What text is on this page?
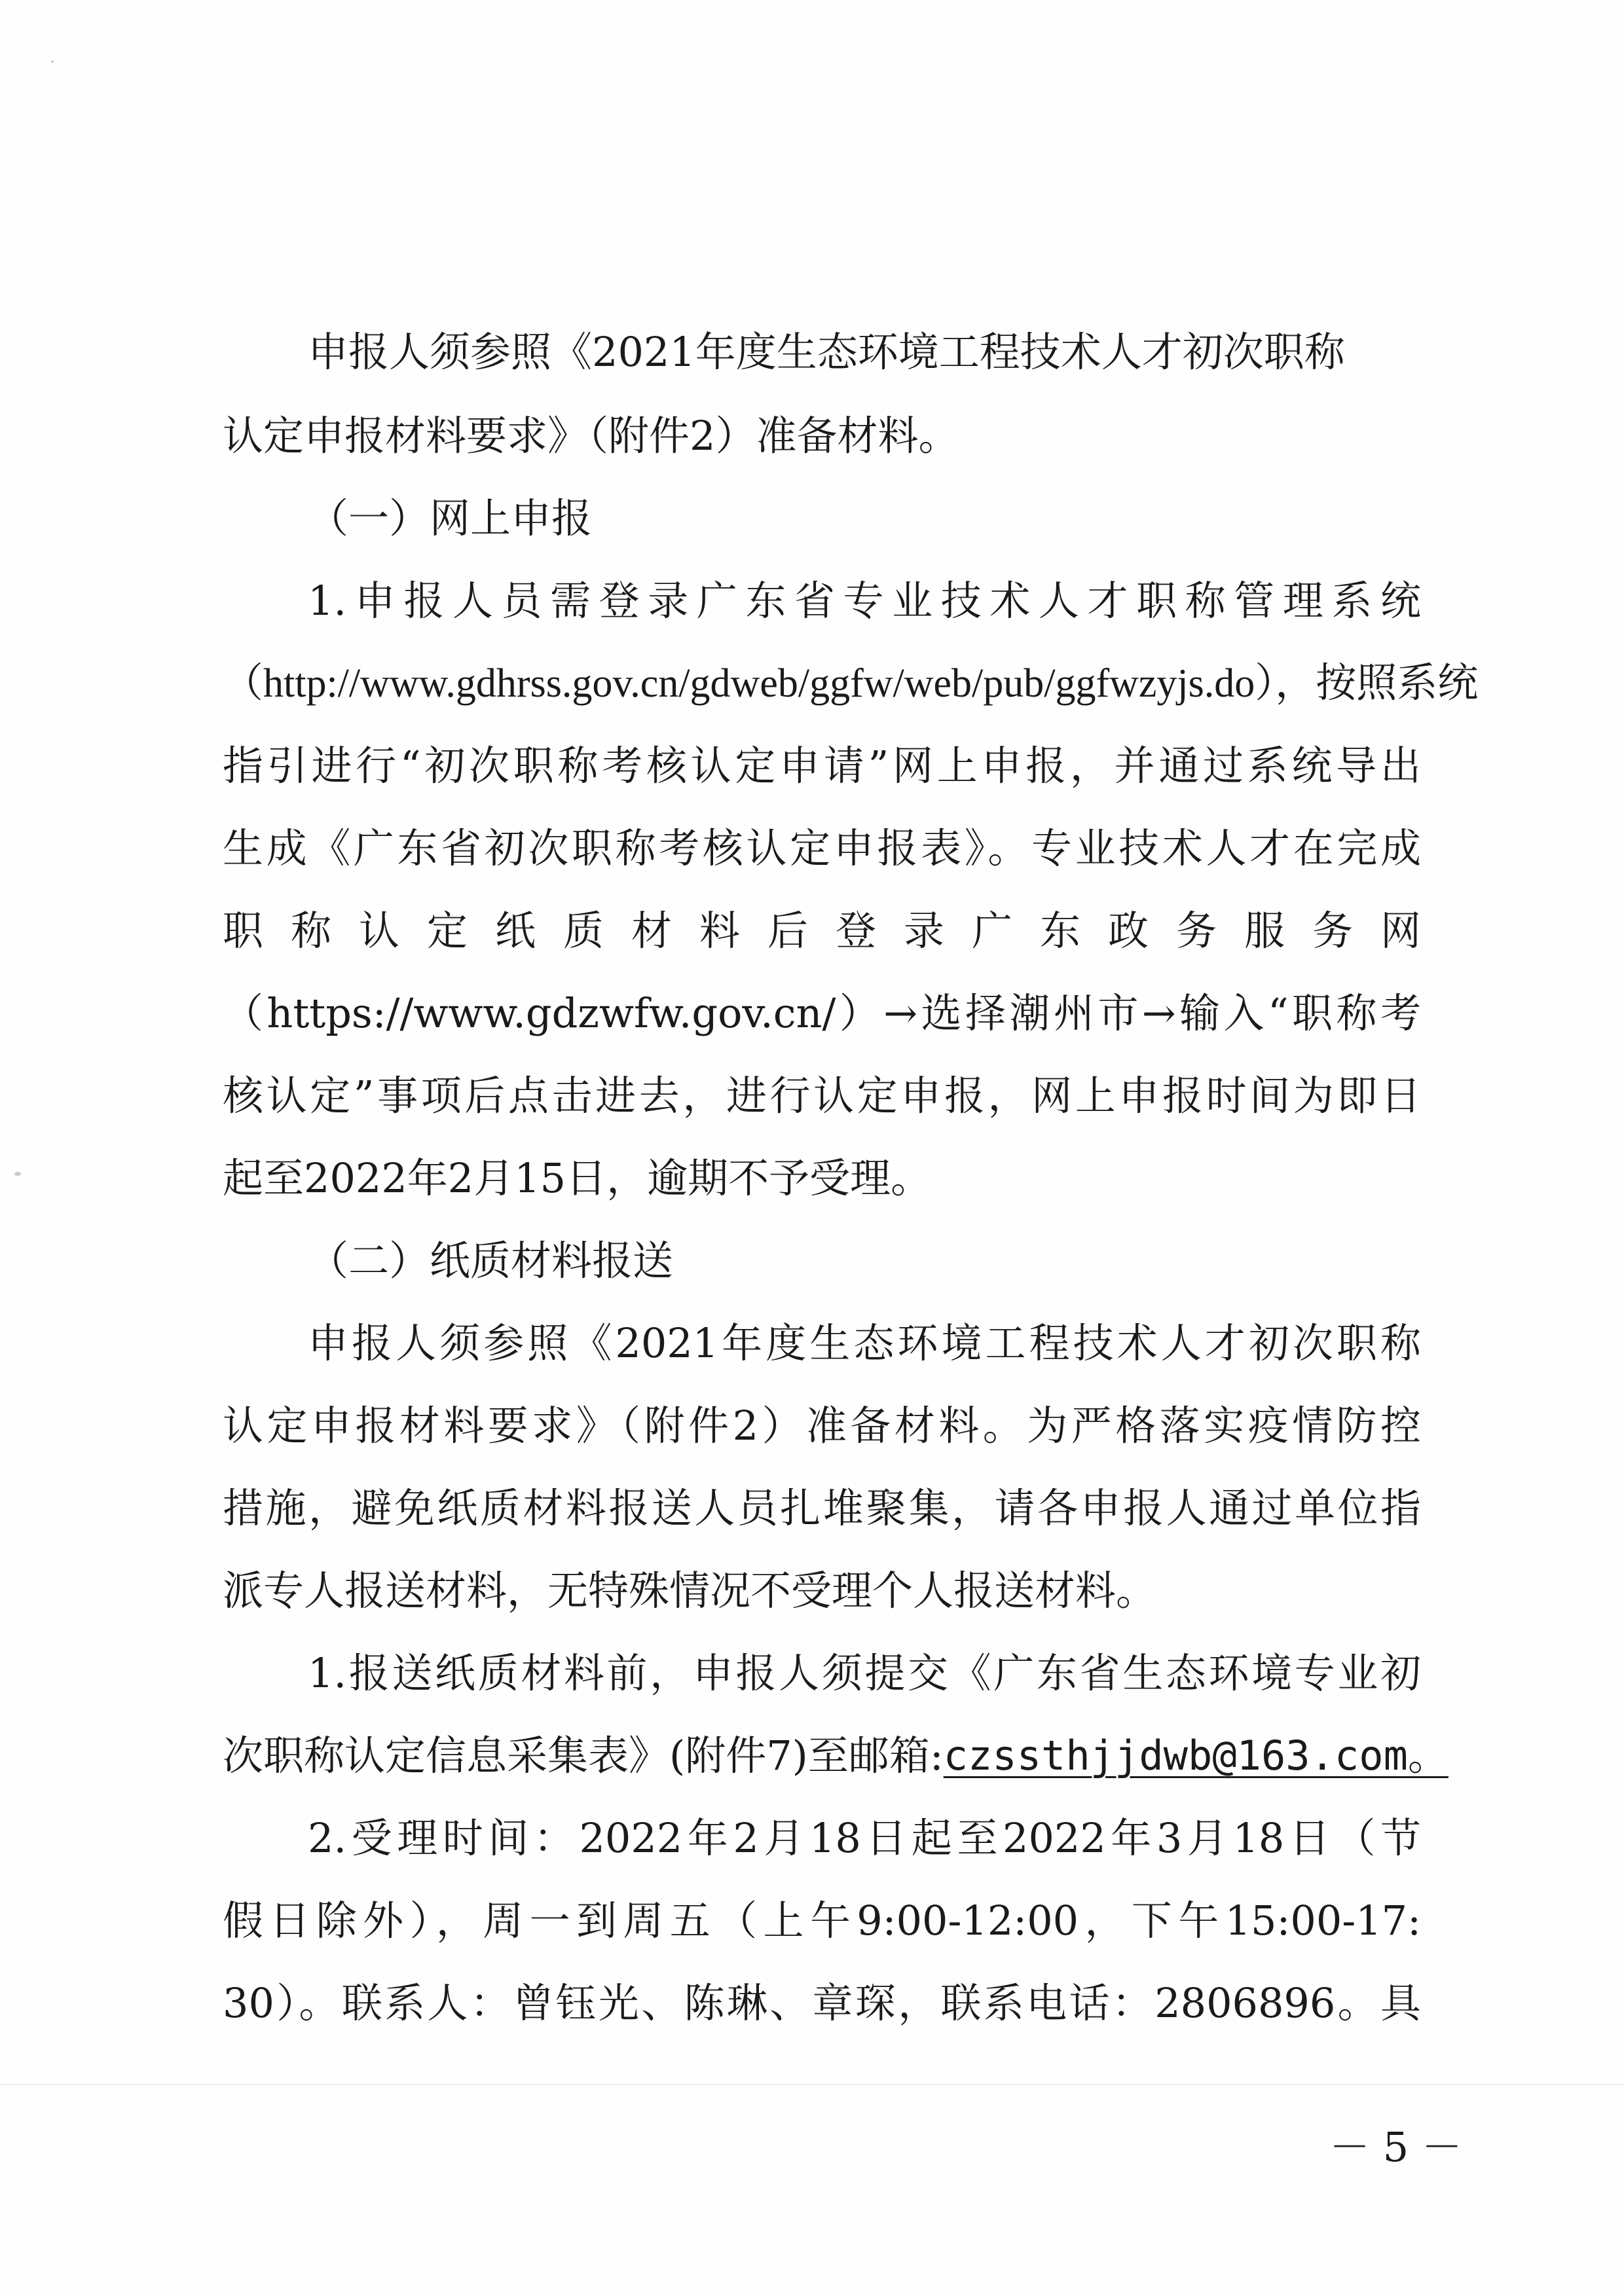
申报人须参照《2021年度生态环境工程技术人才初次职称
认定申报材料要求》（附件2）准备材料。
（一）网上申报
1.申报人员需登录广东省专业技术人才职称管理系统
（http://www.gdhrss.gov.cn/gdweb/ggfw/web/pub/ggfwzyjs.do），按照系统
指引进行“初次职称考核认定申请”网上申报，并通过系统导出
生成《广东省初次职称考核认定申报表》。专业技术人才在完成
职 称 认 定 纸 质 材 料 后 登 录 广 东 政 务 服 务 网
（https://www.gdzwfw.gov.cn/）→选择潮州市→输入“职称考
核认定”事项后点击进去，进行认定申报，网上申报时间为即日
起至2022年2月15日，逾期不予受理。
（二）纸质材料报送
申报人须参照《2021年度生态环境工程技术人才初次职称
认定申报材料要求》（附件2）准备材料。为严格落实疫情防控
措施，避免纸质材料报送人员扎堆聚集，请各申报人通过单位指
派专人报送材料，无特殊情况不受理个人报送材料。
1.报送纸质材料前，申报人须提交《广东省生态环境专业初
次职称认定信息采集表》(附件7)至邮箱:czssthjjdwb@163.com。
2.受理时间：2022年2月18日起至2022年3月18日（节
假日除外），周一到周五（上午9:00-12:00，下午15:00-17:
30）。联系人：曾钰光、陈琳、章琛，联系电话：2806896。具
－ 5 －
